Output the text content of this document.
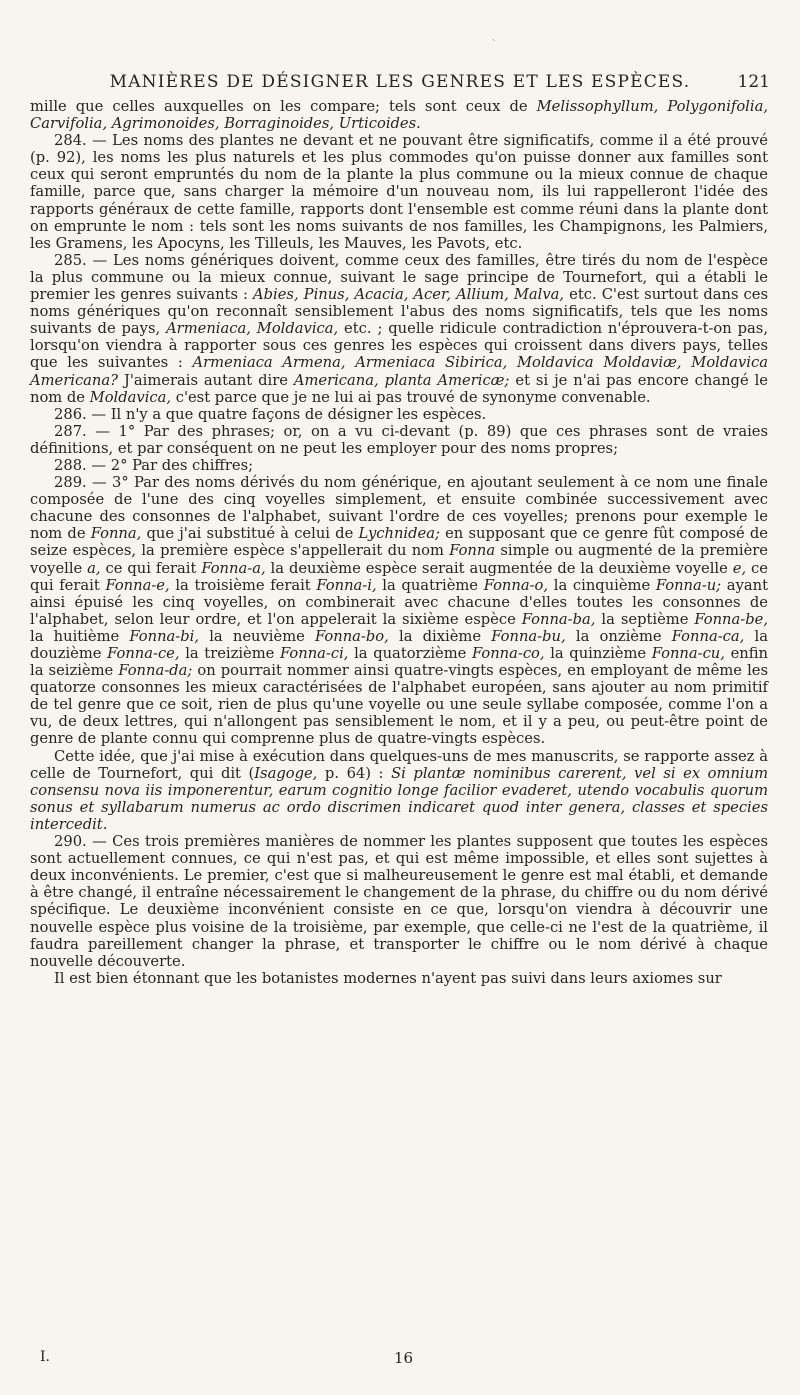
`
MANIÈRES DE DÉSIGNER LES GENRES ET LES ESPÈCES.	121

mille que celles auxquelles on les compare; tels sont ceux de Melissophyllum, Polygonifolia, Carvifolia, Agrimonoides, Borraginoides, Urticoides.

284. — Les noms des plantes ne devant et ne pouvant être significatifs, comme il a été prouvé (p. 92), les noms les plus naturels et les plus commodes qu'on puisse donner aux familles sont ceux qui seront empruntés du nom de la plante la plus commune ou la mieux connue de chaque famille, parce que, sans charger la mémoire d'un nouveau nom, ils lui rappelleront l'idée des rapports généraux de cette famille, rapports dont l'ensemble est comme réuni dans la plante dont on emprunte le nom : tels sont les noms suivants de nos familles, les Champignons, les Palmiers, les Gramens, les Apocyns, les Tilleuls, les Mauves, les Pavots, etc.

285. — Les noms génériques doivent, comme ceux des familles, être tirés du nom de l'espèce la plus commune ou la mieux connue, suivant le sage principe de Tournefort, qui a établi le premier les genres suivants : Abies, Pinus, Acacia, Acer, Allium, Malva, etc. C'est surtout dans ces noms génériques qu'on reconnaît sensiblement l'abus des noms significatifs, tels que les noms suivants de pays, Armeniaca, Moldavica, etc. ; quelle ridicule contradiction n'éprouvera-t-on pas, lorsqu'on viendra à rapporter sous ces genres les espèces qui croissent dans divers pays, telles que les suivantes : Armeniaca Armena, Armeniaca Sibirica, Moldavica Moldaviæ, Moldavica Americana? J'aimerais autant dire Americana, planta Americæ; et si je n'ai pas encore changé le nom de Moldavica, c'est parce que je ne lui ai pas trouvé de synonyme convenable.

286. — Il n'y a que quatre façons de désigner les espèces.

287. — 1° Par des phrases; or, on a vu ci-devant (p. 89) que ces phrases sont de vraies définitions, et par conséquent on ne peut les employer pour des noms propres;

288. — 2° Par des chiffres;

289. — 3° Par des noms dérivés du nom générique, en ajoutant seulement à ce nom une finale composée de l'une des cinq voyelles simplement, et ensuite combinée successivement avec chacune des consonnes de l'alphabet, suivant l'ordre de ces voyelles; prenons pour exemple le nom de Fonna, que j'ai substitué à celui de Lychnidea; en supposant que ce genre fût composé de seize espèces, la première espèce s'appellerait du nom Fonna simple ou augmenté de la première voyelle a, ce qui ferait Fonna-a, la deuxième espèce serait augmentée de la deuxième voyelle e, ce qui ferait Fonna-e, la troisième ferait Fonna-i, la quatrième Fonna-o, la cinquième Fonna-u; ayant ainsi épuisé les cinq voyelles, on combinerait avec chacune d'elles toutes les consonnes de l'alphabet, selon leur ordre, et l'on appelerait la sixième espèce Fonna-ba, la septième Fonna-be, la huitième Fonna-bi, la neuvième Fonna-bo, la dixième Fonna-bu, la onzième Fonna-ca, la douzième Fonna-ce, la treizième Fonna-ci, la quatorzième Fonna-co, la quinzième Fonna-cu, enfin la seizième Fonna-da; on pourrait nommer ainsi quatre-vingts espèces, en employant de même les quatorze consonnes les mieux caractérisées de l'alphabet européen, sans ajouter au nom primitif de tel genre que ce soit, rien de plus qu'une voyelle ou une seule syllabe composée, comme l'on a vu, de deux lettres, qui n'allongent pas sensiblement le nom, et il y a peu, ou peut-être point de genre de plante connu qui comprenne plus de quatre-vingts espèces.

Cette idée, que j'ai mise à exécution dans quelques-uns de mes manuscrits, se rapporte assez à celle de Tournefort, qui dit (Isagoge, p. 64) : Si plantæ nominibus carerent, vel si ex omnium consensu nova iis imponerentur, earum cognitio longe facilior evaderet, utendo vocabulis quorum sonus et syllabarum numerus ac ordo discrimen indicaret quod inter genera, classes et species intercedit.

290. — Ces trois premières manières de nommer les plantes supposent que toutes les espèces sont actuellement connues, ce qui n'est pas, et qui est même impossible, et elles sont sujettes à deux inconvénients. Le premier, c'est que si malheureusement le genre est mal établi, et demande à être changé, il entraîne nécessairement le changement de la phrase, du chiffre ou du nom dérivé spécifique. Le deuxième inconvénient consiste en ce que, lorsqu'on viendra à découvrir une nouvelle espèce plus voisine de la troisième, par exemple, que celle-ci ne l'est de la quatrième, il faudra pareillement changer la phrase, et transporter le chiffre ou le nom dérivé à chaque nouvelle découverte.

Il est bien étonnant que les botanistes modernes n'ayent pas suivi dans leurs axiomes sur

I.	16
